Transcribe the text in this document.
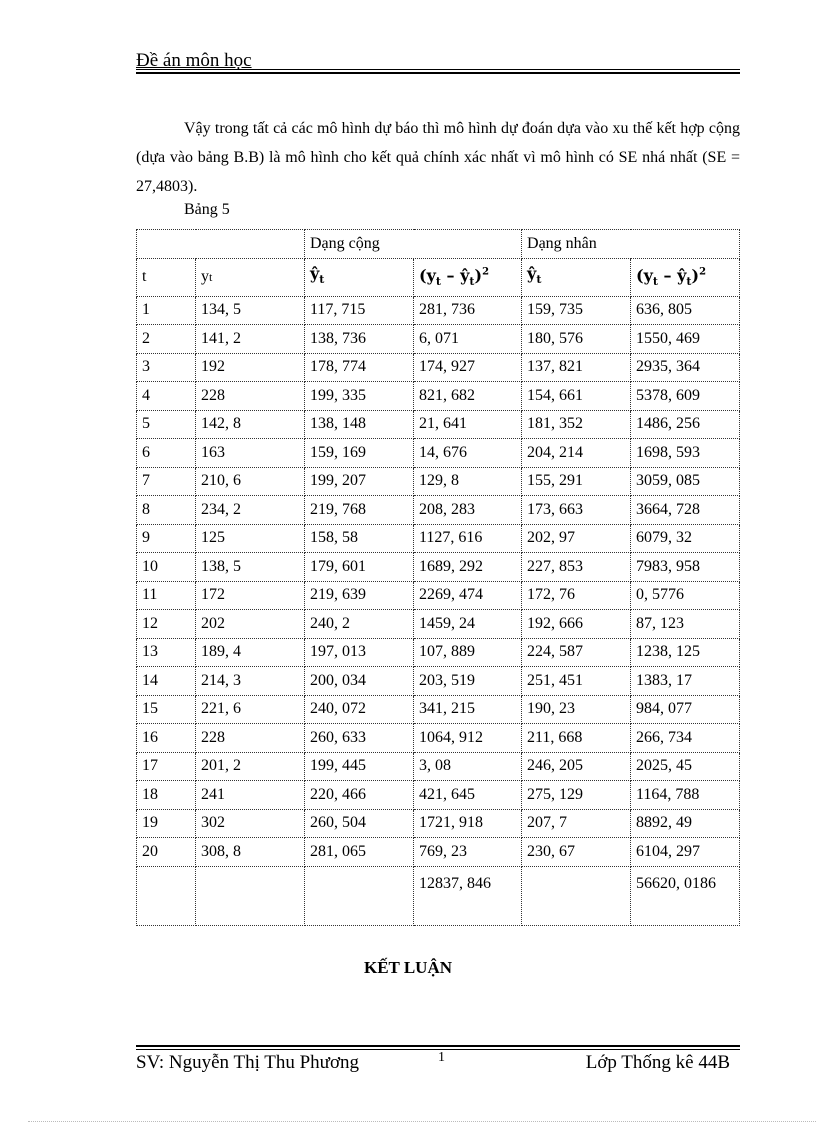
Đề án môn học
Vậy trong tất cả các mô hình dự báo thì mô hình dự đoán dựa vào xu thế kết hợp cộng (dựa vào bảng B.B) là mô hình cho kết quả chính xác nhất vì mô hình có SE nhá nhất (SE = 27,4803).
Bảng 5
		Dạng cộng		Dạng nhân	
t	yt	$ŷ_t$	($y_t$ – $ŷ_t)^2$	$ŷ_t$	($y_t$ – $ŷ_t)^2$
1	134, 5	117, 715	281, 736	159, 735	636, 805
2	141, 2	138, 736	6, 071	180, 576	1550, 469
3	192	178, 774	174, 927	137, 821	2935, 364
4	228	199, 335	821, 682	154, 661	5378, 609
5	142, 8	138, 148	21, 641	181, 352	1486, 256
6	163	159, 169	14, 676	204, 214	1698, 593
7	210, 6	199, 207	129, 8	155, 291	3059, 085
8	234, 2	219, 768	208, 283	173, 663	3664, 728
9	125	158, 58	1127, 616	202, 97	6079, 32
10	138, 5	179, 601	1689, 292	227, 853	7983, 958
11	172	219, 639	2269, 474	172, 76	0, 5776
12	202	240, 2	1459, 24	192, 666	87, 123
13	189, 4	197, 013	107, 889	224, 587	1238, 125
14	214, 3	200, 034	203, 519	251, 451	1383, 17
15	221, 6	240, 072	341, 215	190, 23	984, 077
16	228	260, 633	1064, 912	211, 668	266, 734
17	201, 2	199, 445	3, 08	246, 205	2025, 45
18	241	220, 466	421, 645	275, 129	1164, 788
19	302	260, 504	1721, 918	207, 7	8892, 49
20	308, 8	281, 065	769, 23	230, 67	6104, 297
			12837, 846		56620, 0186
KẾT LUẬN
SV: Nguyễn Thị Thu Phương	1	Lớp Thống kê 44B
